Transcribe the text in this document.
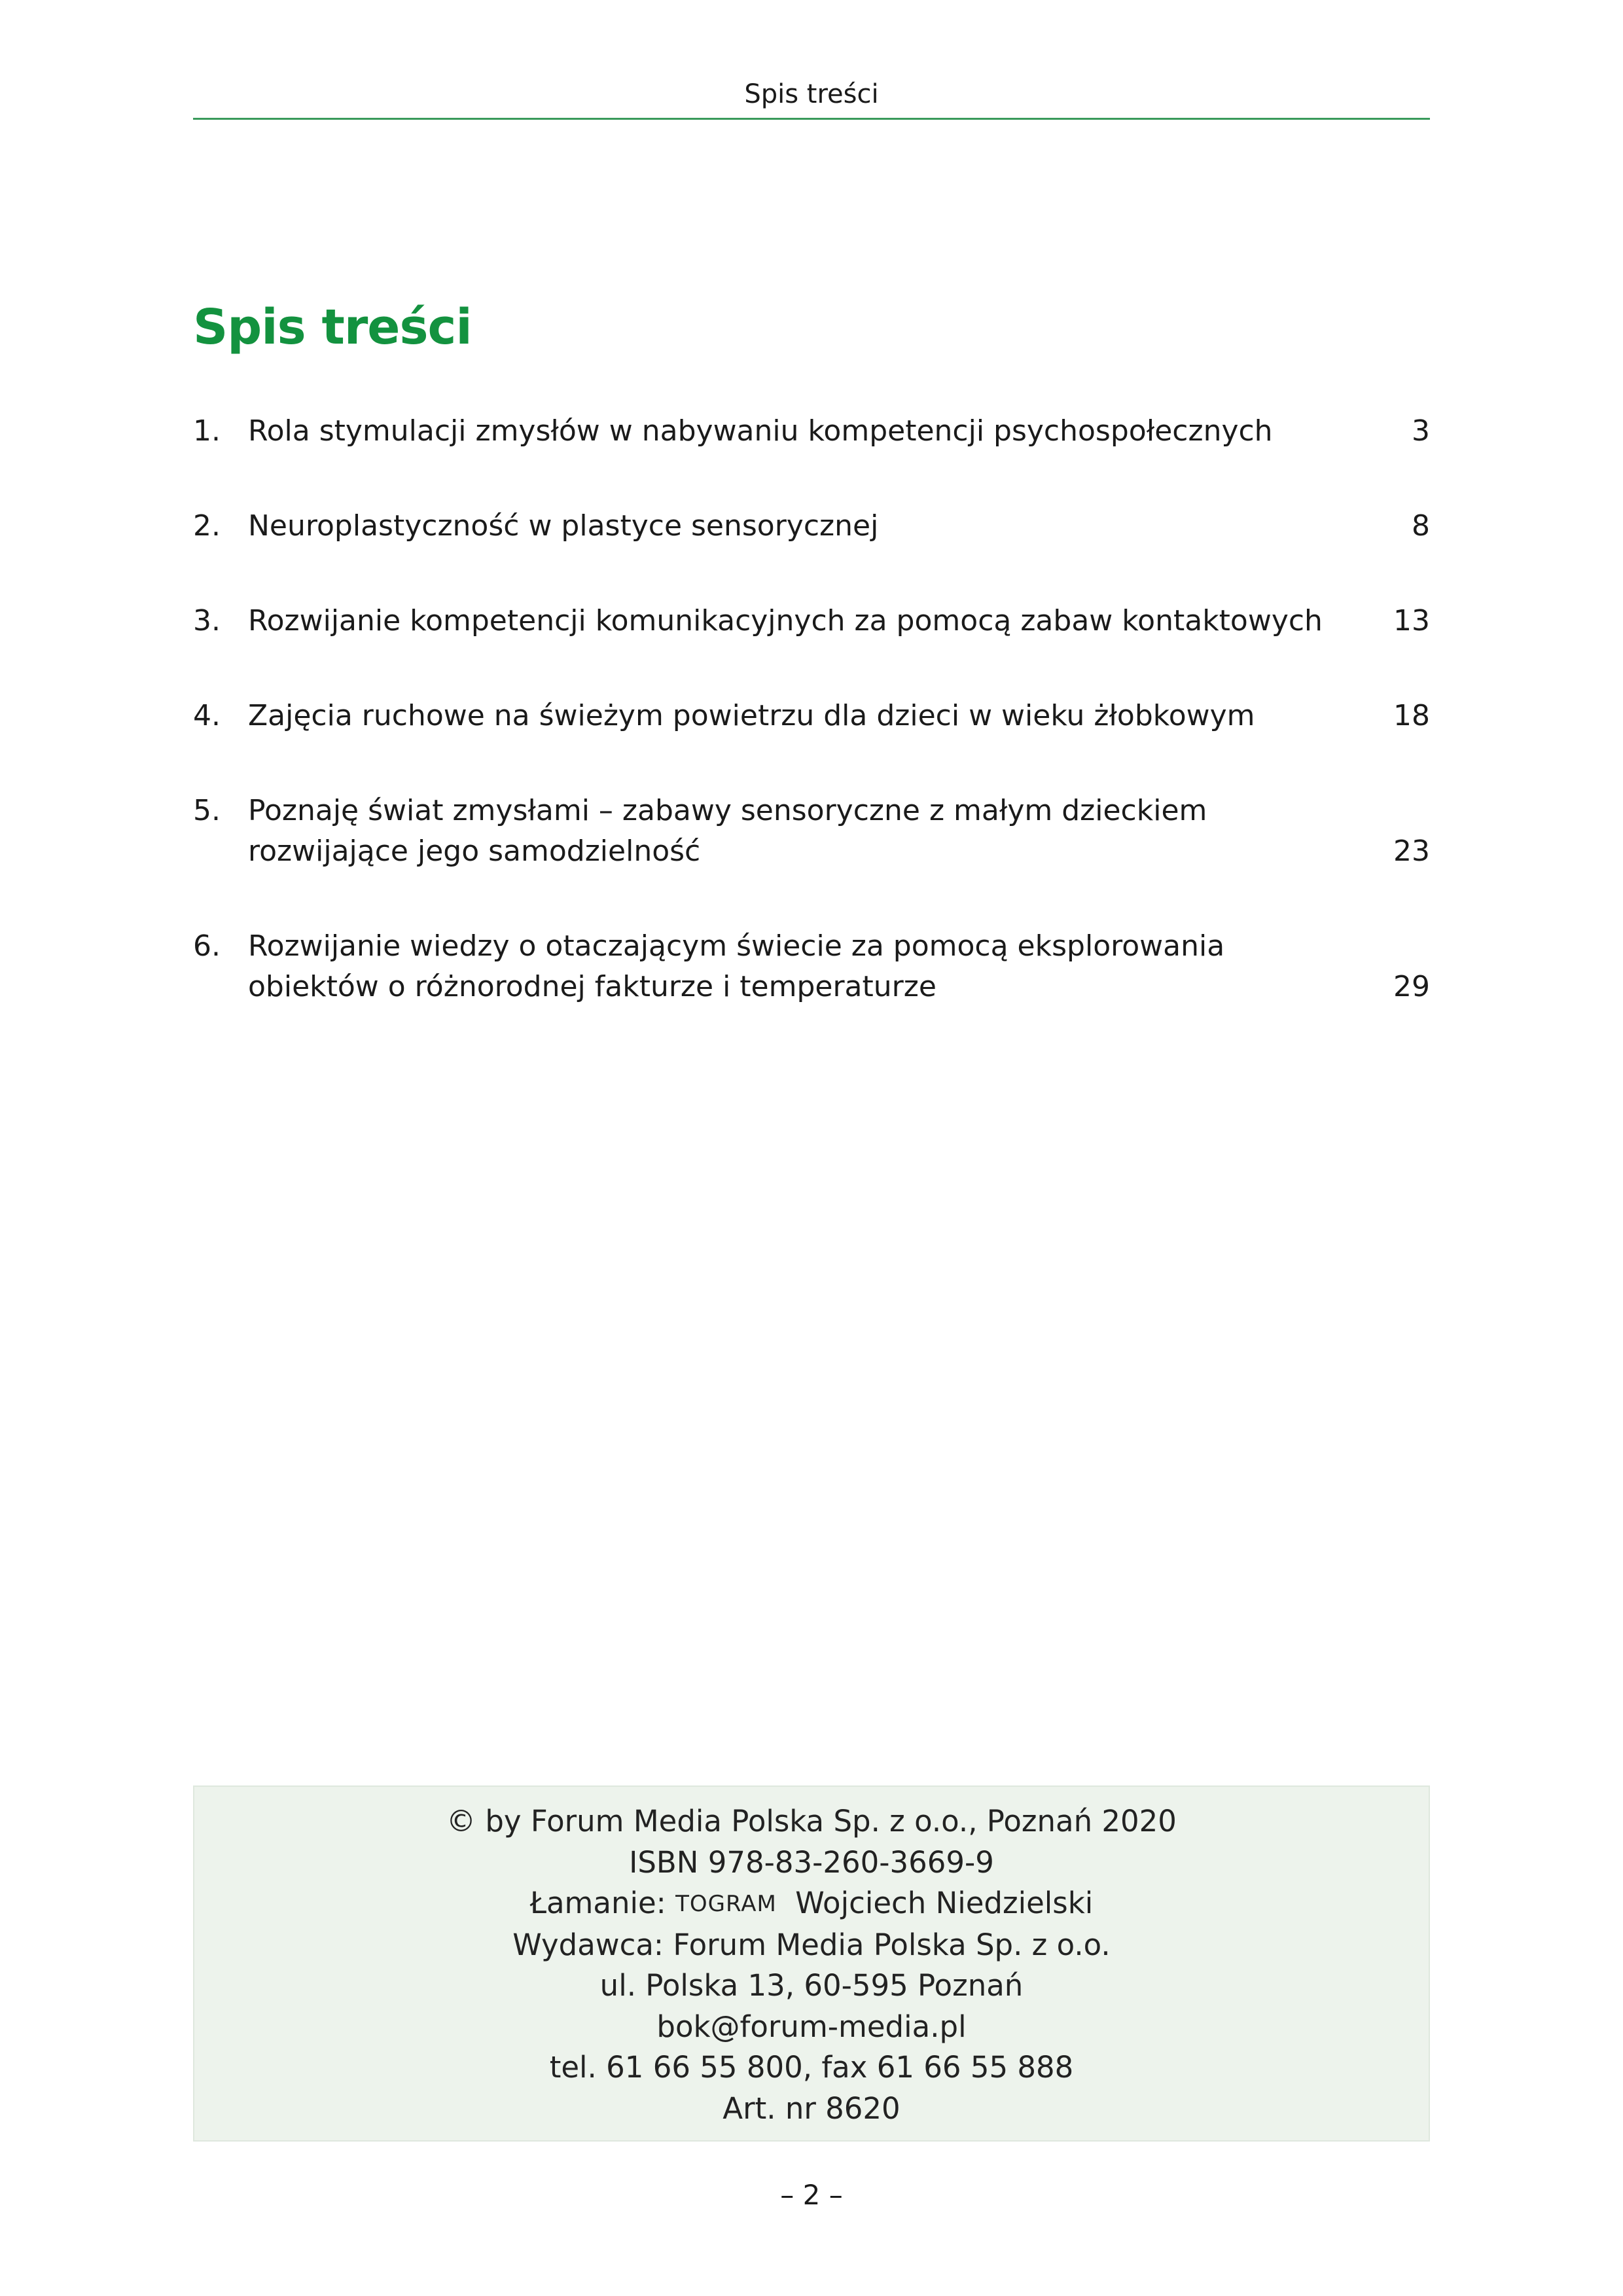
Spis treści
Spis treści
1. Rola stymulacji zmysłów w nabywaniu kompetencji psychospołecznych	3
2. Neuroplastyczność w plastyce sensorycznej	8
3. Rozwijanie kompetencji komunikacyjnych za pomocą zabaw kontaktowych 13
4. Zajęcia ruchowe na świeżym powietrzu dla dzieci w wieku żłobkowym	18
5. Poznaję świat zmysłami – zabawy sensoryczne z małym dzieckiem
rozwijające jego samodzielność	23
6. Rozwijanie wiedzy o otaczającym świecie za pomocą eksplorowania
obiektów o różnorodnej fakturze i temperaturze	29
© by Forum Media Polska Sp. z o.o., Poznań 2020
ISBN 978-83-260-3669-9
Łamanie: TOGRAM Wojciech Niedzielski
Wydawca: Forum Media Polska Sp. z o.o.
ul. Polska 13, 60-595 Poznań
bok@forum-media.pl
tel. 61 66 55 800, fax 61 66 55 888
Art. nr 8620
– 2 –
